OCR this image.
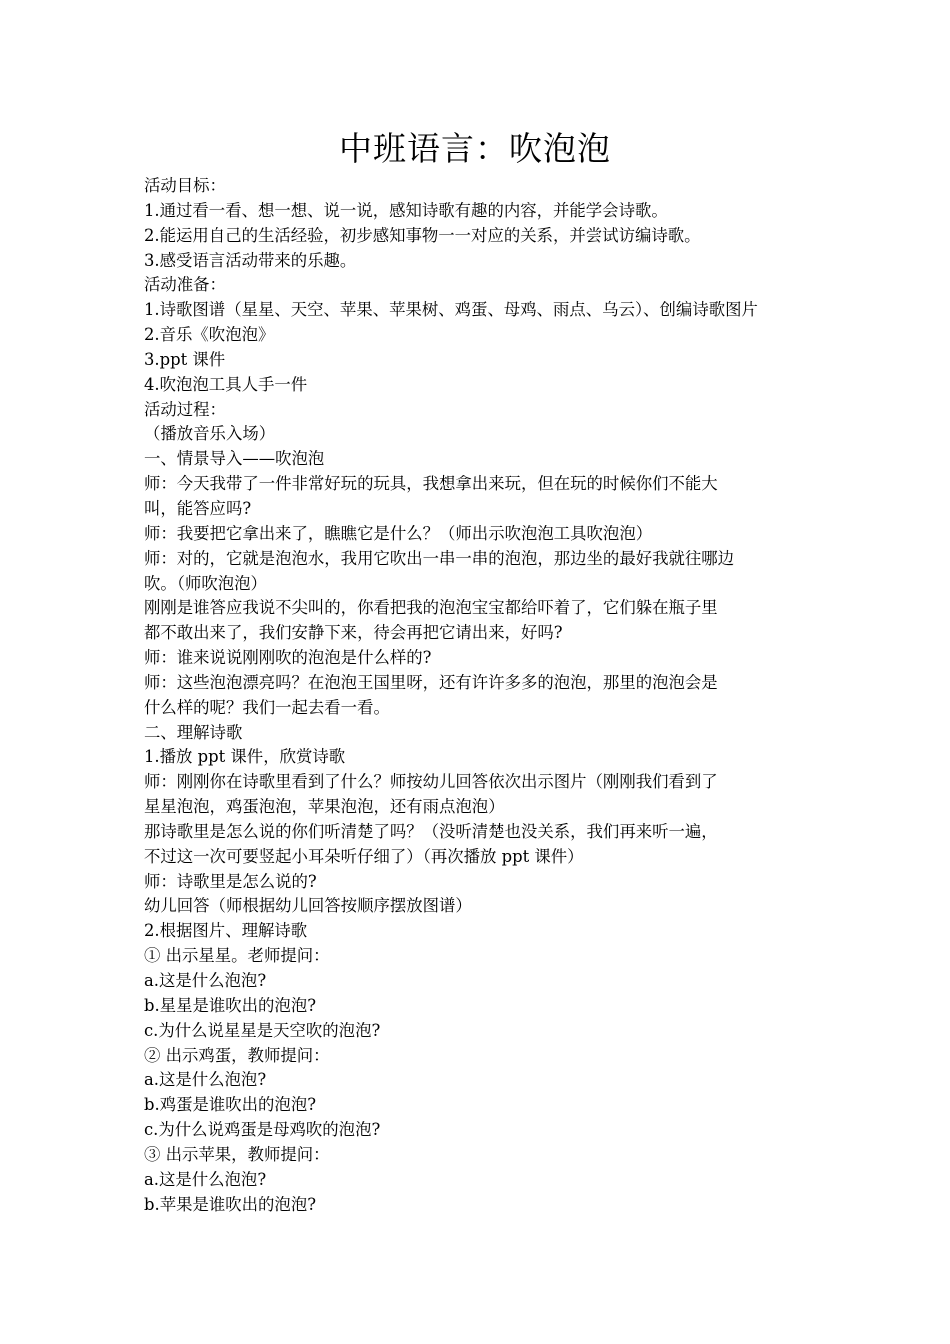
中班语言：吹泡泡
活动目标：
1.通过看一看、想一想、说一说，感知诗歌有趣的内容，并能学会诗歌。
2.能运用自己的生活经验，初步感知事物一一对应的关系，并尝试访编诗歌。
3.感受语言活动带来的乐趣。
活动准备：
1.诗歌图谱（星星、天空、苹果、苹果树、鸡蛋、母鸡、雨点、乌云）、创编诗歌图片
2.音乐《吹泡泡》
3.ppt 课件
4.吹泡泡工具人手一件
活动过程：
（播放音乐入场）
一、情景导入——吹泡泡
师：今天我带了一件非常好玩的玩具，我想拿出来玩，但在玩的时候你们不能大
叫，能答应吗?
师：我要把它拿出来了，瞧瞧它是什么？（师出示吹泡泡工具吹泡泡）
师：对的，它就是泡泡水，我用它吹出一串一串的泡泡，那边坐的最好我就往哪边
吹。（师吹泡泡）
刚刚是谁答应我说不尖叫的，你看把我的泡泡宝宝都给吓着了，它们躲在瓶子里
都不敢出来了，我们安静下来，待会再把它请出来，好吗?
师：谁来说说刚刚吹的泡泡是什么样的?
师：这些泡泡漂亮吗？在泡泡王国里呀，还有许许多多的泡泡，那里的泡泡会是
什么样的呢？我们一起去看一看。
二、理解诗歌
1.播放 ppt 课件，欣赏诗歌
师：刚刚你在诗歌里看到了什么？师按幼儿回答依次出示图片（刚刚我们看到了
星星泡泡，鸡蛋泡泡，苹果泡泡，还有雨点泡泡）
那诗歌里是怎么说的你们听清楚了吗？（没听清楚也没关系，我们再来听一遍，
不过这一次可要竖起小耳朵听仔细了）（再次播放 ppt 课件）
师：诗歌里是怎么说的?
幼儿回答（师根据幼儿回答按顺序摆放图谱）
2.根据图片、理解诗歌
① 出示星星。老师提问：
a.这是什么泡泡?
b.星星是谁吹出的泡泡?
c.为什么说星星是天空吹的泡泡?
② 出示鸡蛋，教师提问：
a.这是什么泡泡?
b.鸡蛋是谁吹出的泡泡?
c.为什么说鸡蛋是母鸡吹的泡泡?
③ 出示苹果，教师提问：
a.这是什么泡泡?
b.苹果是谁吹出的泡泡?
